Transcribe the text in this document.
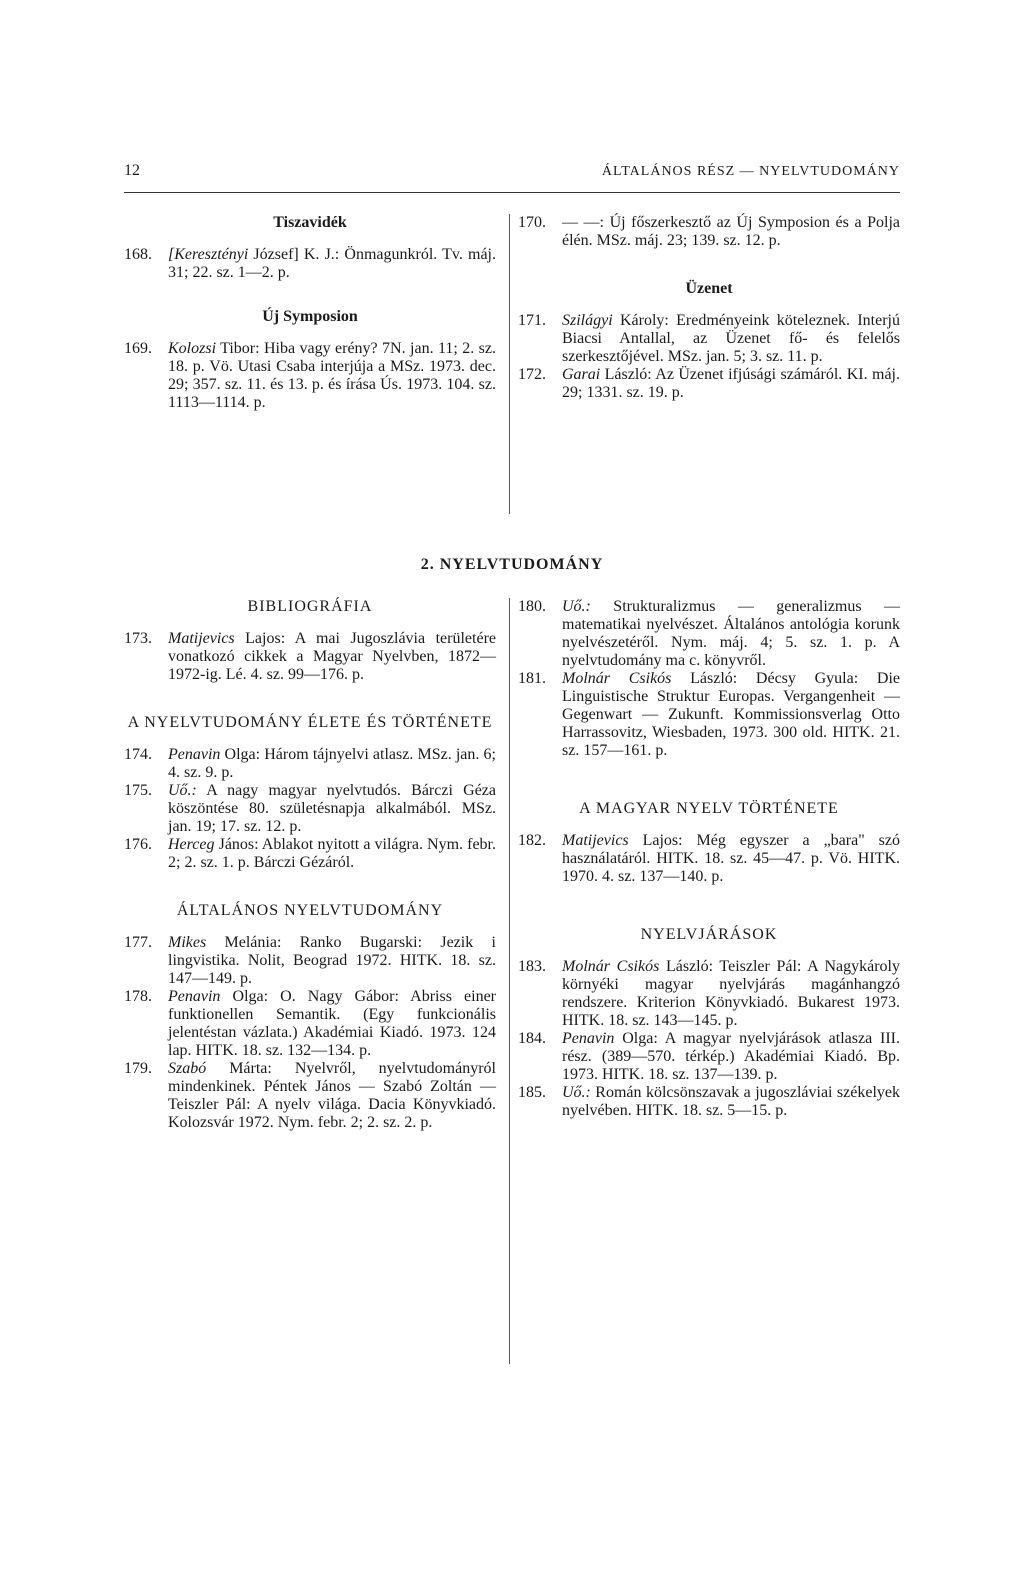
12	ÁLTALÁNOS RÉSZ — NYELVTUDOMÁNY
Tiszavidék
168.	[Keresztényi József] K. J.: Önmagunkról. Tv. máj. 31; 22. sz. 1—2. p.
Új Symposion
169.	Kolozsi Tibor: Hiba vagy erény? 7N. jan. 11; 2. sz. 18. p. Vö. Utasi Csaba interjúja a MSz. 1973. dec. 29; 357. sz. 11. és 13. p. és írása Ús. 1973. 104. sz. 1113—1114. p.
170.	— —: Új főszerkesztő az Új Symposion és a Polja élén. MSz. máj. 23; 139. sz. 12. p.
Üzenet
171.	Szilágyi Károly: Eredményeink köteleznek. Interjú Biacsi Antallal, az Üzenet fő- és felelős szerkesztőjével. MSz. jan. 5; 3. sz. 11. p.
172.	Garai László: Az Üzenet ifjúsági számáról. KI. máj. 29; 1331. sz. 19. p.
2. NYELVTUDOMÁNY
BIBLIOGRÁFIA
173.	Matijevics Lajos: A mai Jugoszlávia területére vonatkozó cikkek a Magyar Nyelvben, 1872—1972-ig. Lé. 4. sz. 99—176. p.
A NYELVTUDOMÁNY ÉLETE ÉS TÖRTÉNETE
174.	Penavin Olga: Három tájnyelvi atlasz. MSz. jan. 6; 4. sz. 9. p.
175.	Uő.: A nagy magyar nyelvtudós. Bárczi Géza köszöntése 80. születésnapja alkalmából. MSz. jan. 19; 17. sz. 12. p.
176.	Herceg János: Ablakot nyitott a világra. Nym. febr. 2; 2. sz. 1. p. Bárczi Gézáról.
ÁLTALÁNOS NYELVTUDOMÁNY
177.	Mikes Melánia: Ranko Bugarski: Jezik i lingvistika. Nolit, Beograd 1972. HITK. 18. sz. 147—149. p.
178.	Penavin Olga: O. Nagy Gábor: Abriss einer funktionellen Semantik. (Egy funkcionális jelentéstan vázlata.) Akadémiai Kiadó. 1973. 124 lap. HITK. 18. sz. 132—134. p.
179.	Szabó Márta: Nyelvről, nyelvtudományról mindenkinek. Péntek János — Szabó Zoltán — Teiszler Pál: A nyelv világa. Dacia Könyvkiadó. Kolozsvár 1972. Nym. febr. 2; 2. sz. 2. p.
180.	Uő.: Strukturalizmus — generalizmus — matematikai nyelvészet. Általános antológia korunk nyelvészetéről. Nym. máj. 4; 5. sz. 1. p. A nyelvtudomány ma c. könyvről.
181.	Molnár Csikós László: Décsy Gyula: Die Linguistische Struktur Europas. Vergangenheit — Gegenwart — Zukunft. Kommissionsverlag Otto Harrassovitz, Wiesbaden, 1973. 300 old. HITK. 21. sz. 157—161. p.
A MAGYAR NYELV TÖRTÉNETE
182.	Matijevics Lajos: Még egyszer a „bara" szó használatáról. HITK. 18. sz. 45—47. p. Vö. HITK. 1970. 4. sz. 137—140. p.
NYELVJÁRÁSOK
183.	Molnár Csikós László: Teiszler Pál: A Nagykároly környéki magyar nyelvjárás magánhangzó rendszere. Kriterion Könyvkiadó. Bukarest 1973. HITK. 18. sz. 143—145. p.
184.	Penavin Olga: A magyar nyelvjárások atlasza III. rész. (389—570. térkép.) Akadémiai Kiadó. Bp. 1973. HITK. 18. sz. 137—139. p.
185.	Uő.: Román kölcsönszavak a jugoszláviai székelyek nyelvében. HITK. 18. sz. 5—15. p.
